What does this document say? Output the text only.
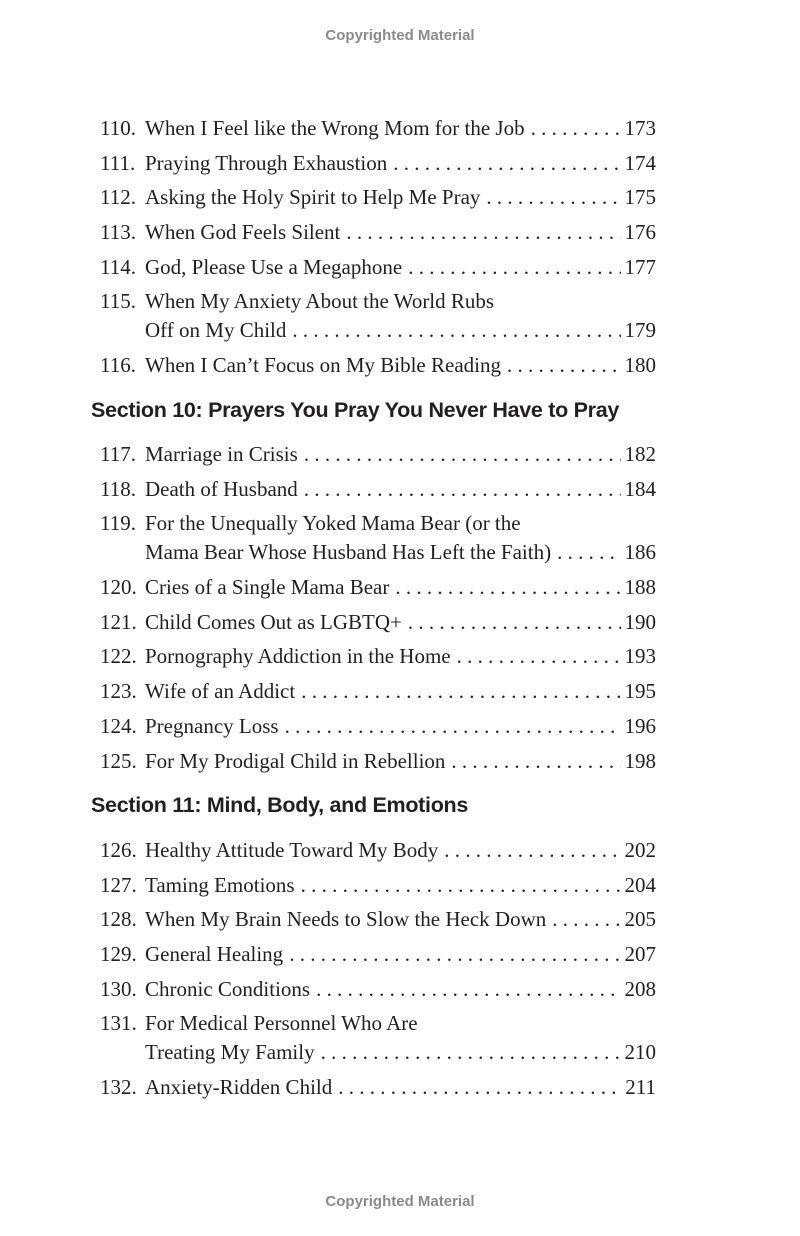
Copyrighted Material
110. When I Feel like the Wrong Mom for the Job . . .	173
111. Praying Through Exhaustion . . .	174
112. Asking the Holy Spirit to Help Me Pray . . .	175
113. When God Feels Silent . . .	176
114. God, Please Use a Megaphone . . .	177
115. When My Anxiety About the World Rubs
Off on My Child . . .	179
116. When I Can’t Focus on My Bible Reading . . .	180
Section 10: Prayers You Pray You Never Have to Pray
117. Marriage in Crisis . . .	182
118. Death of Husband . . .	184
119. For the Unequally Yoked Mama Bear (or the
Mama Bear Whose Husband Has Left the Faith) . . .	186
120. Cries of a Single Mama Bear . . .	188
121. Child Comes Out as LGBTQ+ . . .	190
122. Pornography Addiction in the Home . . .	193
123. Wife of an Addict . . .	195
124. Pregnancy Loss . . .	196
125. For My Prodigal Child in Rebellion . . .	198
Section 11: Mind, Body, and Emotions
126. Healthy Attitude Toward My Body . . .	202
127. Taming Emotions . . .	204
128. When My Brain Needs to Slow the Heck Down . . .	205
129. General Healing . . .	207
130. Chronic Conditions . . .	208
131. For Medical Personnel Who Are
Treating My Family . . .	210
132. Anxiety-Ridden Child . . .	211
Copyrighted Material
